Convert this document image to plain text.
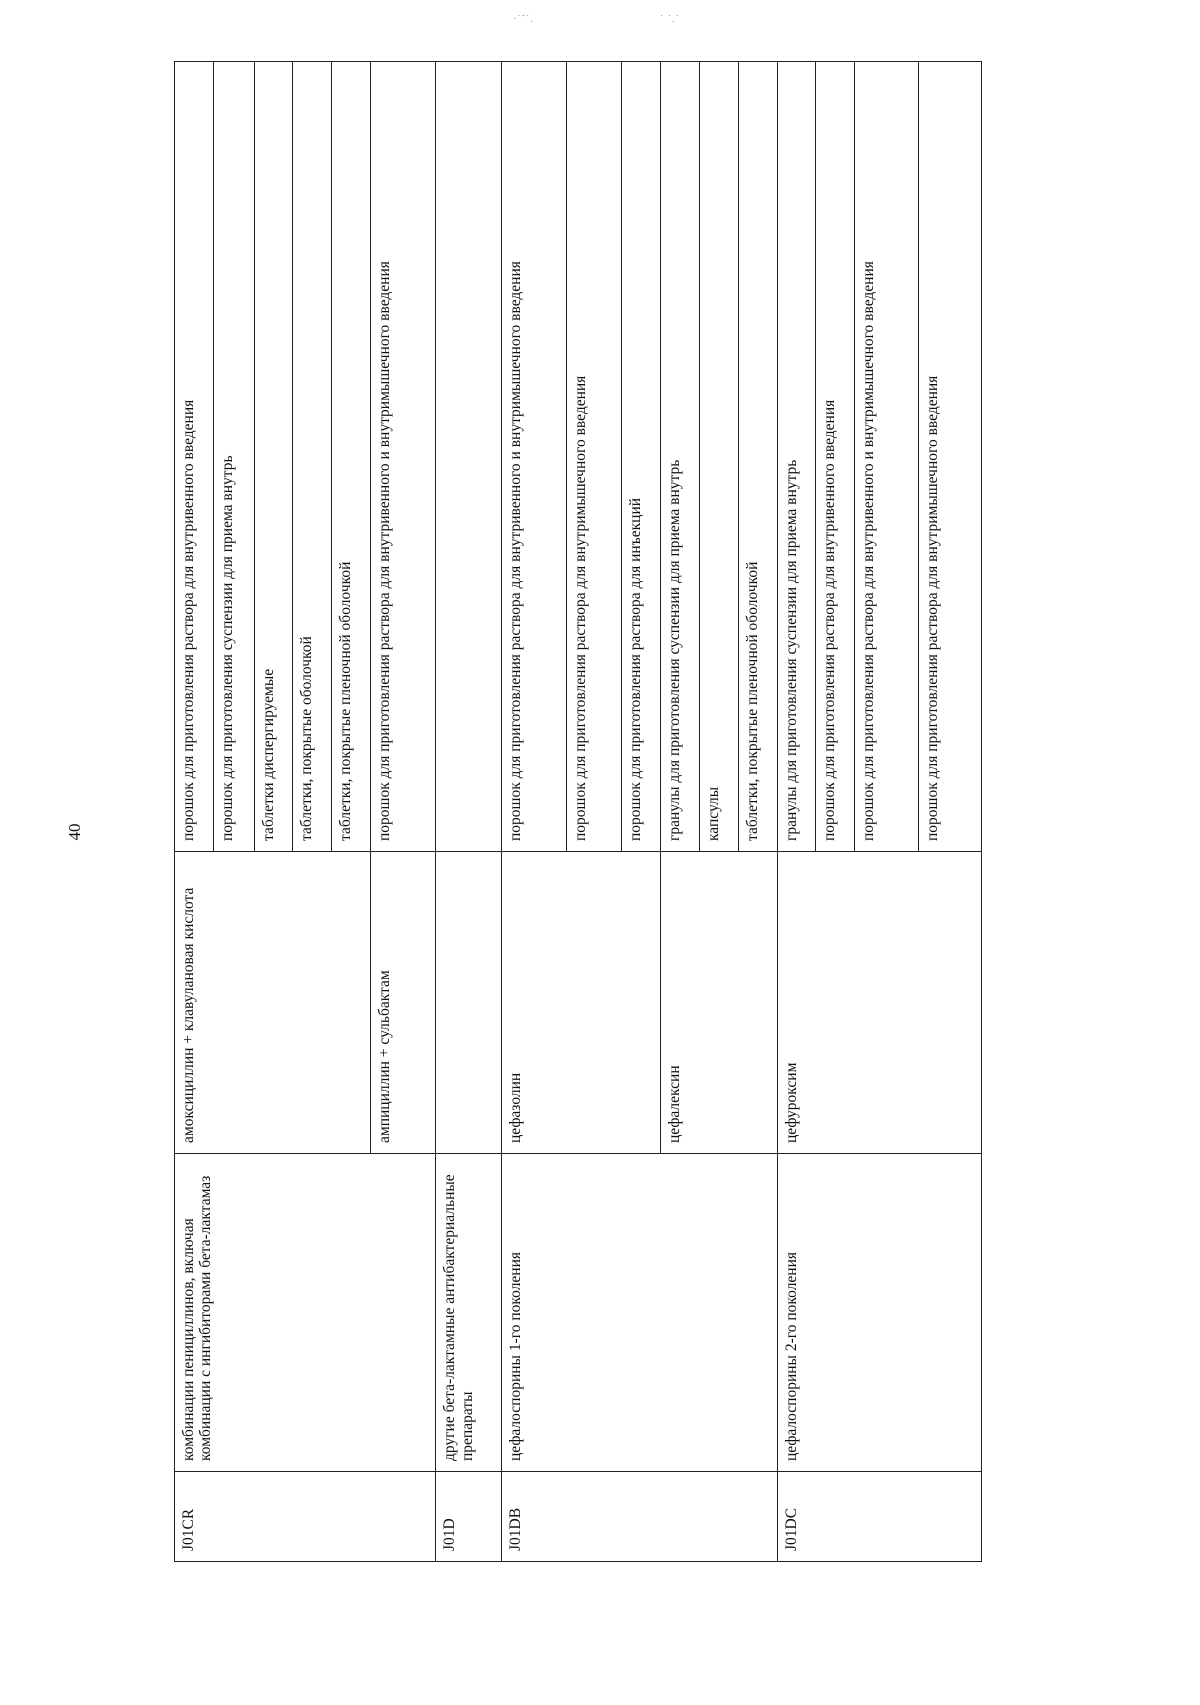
·˙˜˙.	˙ ˙.˙
40
J01CR	комбинации пенициллинов, включая комбинации с ингибиторами бета-лактамаз	амоксициллин + клавулановая кислота	порошок для приготовления раствора для внутривенного введения
			порошок для приготовления суспензии для приема внутрь
			таблетки диспергируемые
			таблетки, покрытые оболочкой
			таблетки, покрытые пленочной оболочкой
		ампициллин + сульбактам	порошок для приготовления раствора для внутривенного и внутримышечного введения
J01D	другие бета-лактамные антибактериальные препараты		
J01DB	цефалоспорины 1-го поколения	цефазолин	порошок для приготовления раствора для внутривенного и внутримышечного введения
			порошок для приготовления раствора для внутримышечного введения
			порошок для приготовления раствора для инъекций
		цефалексин	гранулы для приготовления суспензии для приема внутрь
			капсулы
			таблетки, покрытые пленочной оболочкой
J01DC	цефалоспорины 2-го поколения	цефуроксим	гранулы для приготовления суспензии для приема внутрь
			порошок для приготовления раствора для внутривенного введения
			порошок для приготовления раствора для внутривенного и внутримышечного введения
			порошок для приготовления раствора для внутримышечного введения
